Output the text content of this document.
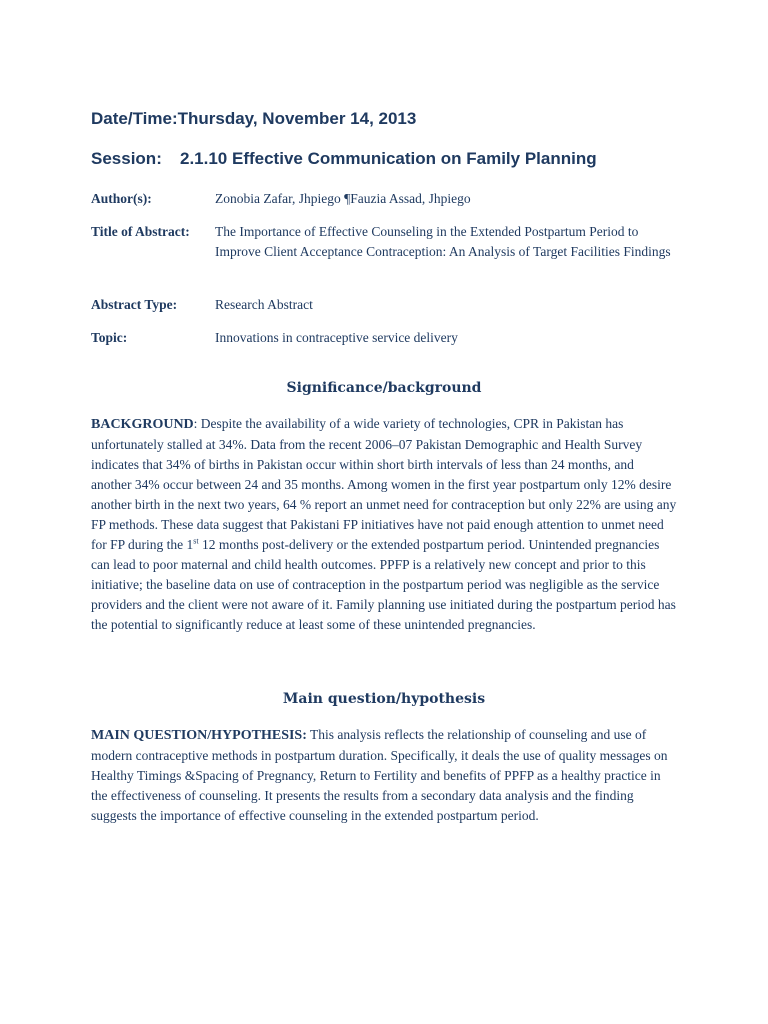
Date/Time:Thursday, November 14, 2013
Session: 2.1.10 Effective Communication on Family Planning
Author(s):	Zonobia Zafar, Jhpiego ¶Fauzia Assad, Jhpiego
Title of Abstract:	The Importance of Effective Counseling in the Extended Postpartum Period to Improve Client Acceptance Contraception: An Analysis of Target Facilities Findings
Abstract Type:	Research Abstract
Topic:	Innovations in contraceptive service delivery
Significance/background

BACKGROUND: Despite the availability of a wide variety of technologies, CPR in Pakistan has unfortunately stalled at 34%. Data from the recent 2006–07 Pakistan Demographic and Health Survey indicates that 34% of births in Pakistan occur within short birth intervals of less than 24 months, and another 34% occur between 24 and 35 months. Among women in the first year postpartum only 12% desire another birth in the next two years, 64 % report an unmet need for contraception but only 22% are using any FP methods. These data suggest that Pakistani FP initiatives have not paid enough attention to unmet need for FP during the 1st 12 months post-delivery or the extended postpartum period. Unintended pregnancies can lead to poor maternal and child health outcomes. PPFP is a relatively new concept and prior to this initiative; the baseline data on use of contraception in the postpartum period was negligible as the service providers and the client were not aware of it. Family planning use initiated during the postpartum period has the potential to significantly reduce at least some of these unintended pregnancies.

Main question/hypothesis

MAIN QUESTION/HYPOTHESIS: This analysis reflects the relationship of counseling and use of modern contraceptive methods in postpartum duration. Specifically, it deals the use of quality messages on Healthy Timings &Spacing of Pregnancy, Return to Fertility and benefits of PPFP as a healthy practice in the effectiveness of counseling. It presents the results from a secondary data analysis and the finding suggests the importance of effective counseling in the extended postpartum period.
